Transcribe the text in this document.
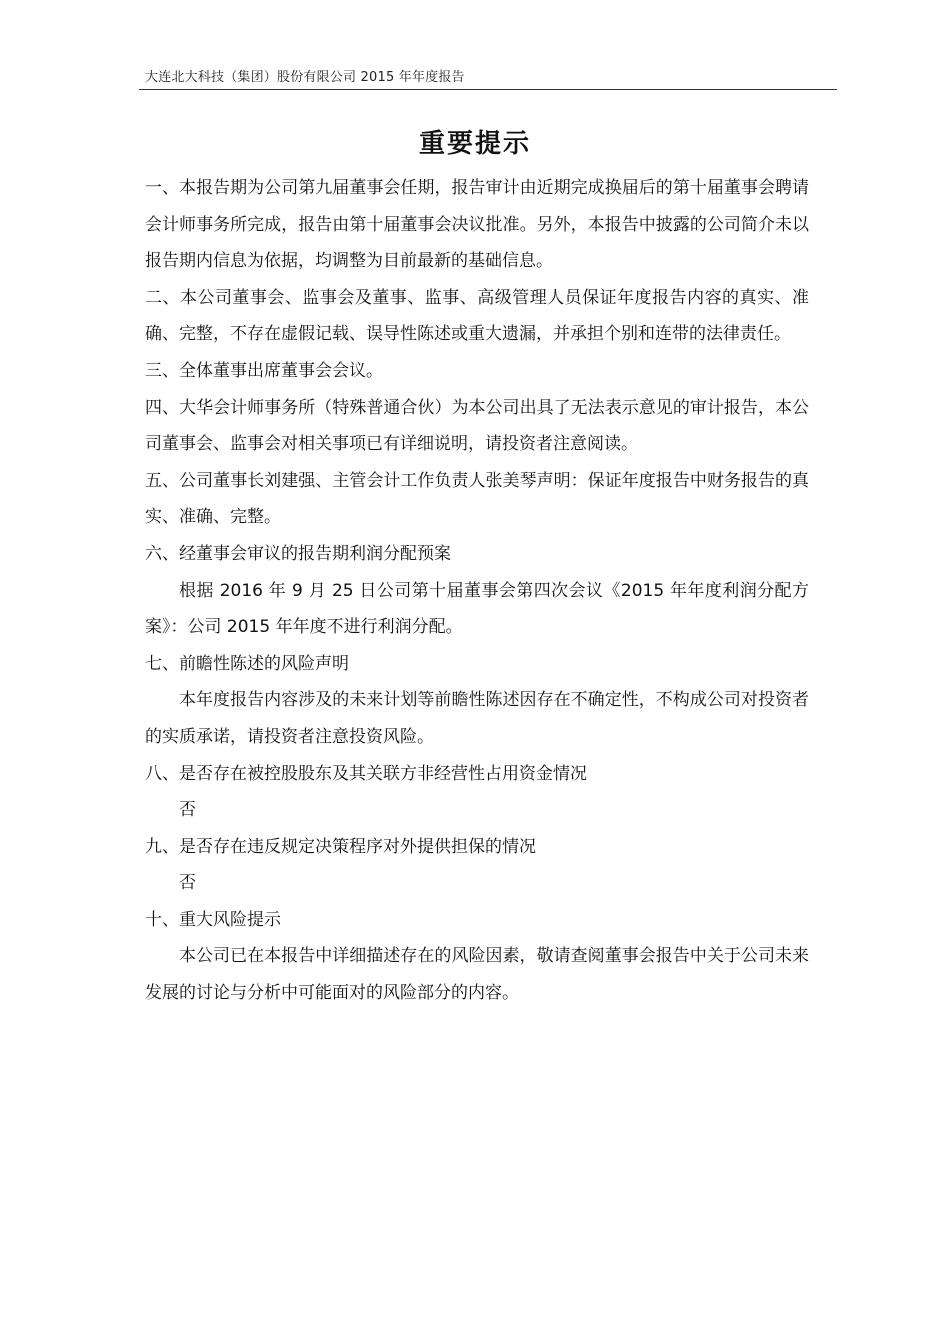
大连北大科技（集团）股份有限公司 2015 年年度报告
重要提示

一、本报告期为公司第九届董事会任期，报告审计由近期完成换届后的第十届董事会聘请会计师事务所完成，报告由第十届董事会决议批准。另外，本报告中披露的公司简介未以报告期内信息为依据，均调整为目前最新的基础信息。

二、本公司董事会、监事会及董事、监事、高级管理人员保证年度报告内容的真实、准确、完整，不存在虚假记载、误导性陈述或重大遗漏，并承担个别和连带的法律责任。

三、全体董事出席董事会会议。

四、大华会计师事务所（特殊普通合伙）为本公司出具了无法表示意见的审计报告，本公司董事会、监事会对相关事项已有详细说明，请投资者注意阅读。

五、公司董事长刘建强、主管会计工作负责人张美琴声明：保证年度报告中财务报告的真实、准确、完整。

六、经董事会审议的报告期利润分配预案

根据 2016 年 9 月 25 日公司第十届董事会第四次会议《2015 年年度利润分配方案》：公司 2015 年年度不进行利润分配。

七、前瞻性陈述的风险声明

本年度报告内容涉及的未来计划等前瞻性陈述因存在不确定性，不构成公司对投资者的实质承诺，请投资者注意投资风险。

八、是否存在被控股股东及其关联方非经营性占用资金情况

否

九、是否存在违反规定决策程序对外提供担保的情况

否

十、重大风险提示

本公司已在本报告中详细描述存在的风险因素，敬请查阅董事会报告中关于公司未来发展的讨论与分析中可能面对的风险部分的内容。
